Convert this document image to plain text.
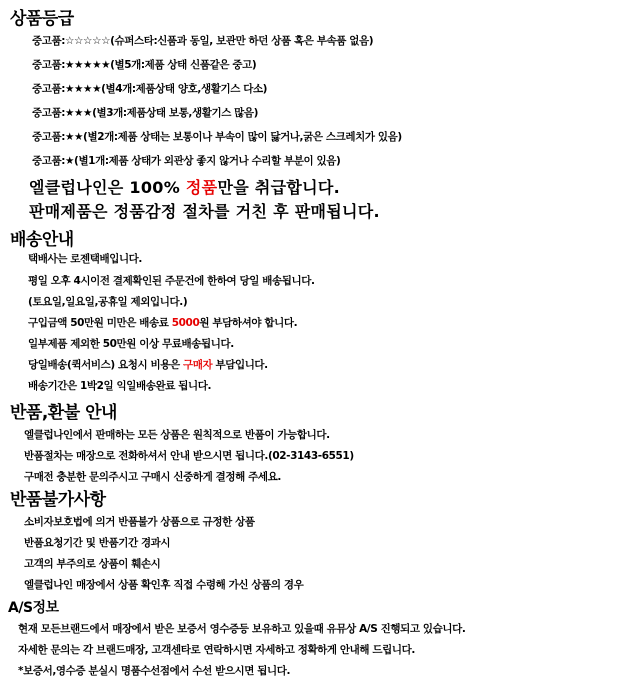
상품등급
중고품:☆☆☆☆☆(슈퍼스타:신품과 동일, 보관만 하던 상품 혹은 부속품 없음)
중고품:★★★★★(별5개:제품 상태 신품같은 중고)
중고품:★★★★(별4개:제품상태 양호,생활기스 다소)
중고품:★★★(별3개:제품상태 보통,생활기스 많음)
중고품:★★(별2개:제품 상태는 보통이나 부속이 많이 닳거나,굵은 스크레치가 있음)
중고품:★(별1개:제품 상태가 외관상 좋지 않거나 수리할 부분이 있음)
엘클럽나인은 100% 정품만을 취급합니다.
판매제품은 정품감정 절차를 거친 후 판매됩니다.
배송안내
택배사는 로젠택배입니다.
평일 오후 4시이전 결제확인된 주문건에 한하여 당일 배송됩니다.
(토요일,일요일,공휴일 제외입니다.)
구입금액 50만원 미만은 배송료 5000원 부담하셔야 합니다.
일부제품 제외한 50만원 이상 무료배송됩니다.
당일배송(퀵서비스) 요청시 비용은 구매자 부담입니다.
배송기간은 1박2일 익일배송완료 됩니다.
반품,환불 안내
엘클럽나인에서 판매하는 모든 상품은 원칙적으로 반품이 가능합니다.
반품절차는 매장으로 전화하셔서 안내 받으시면 됩니다.(02-3143-6551)
구매전 충분한 문의주시고 구매시 신중하게 결정해 주세요.
반품불가사항
소비자보호법에 의거 반품불가 상품으로 규정한 상품
반품요청기간 및 반품기간 경과시
고객의 부주의로 상품이 훼손시
엘클럽나인 매장에서 상품 확인후 직접 수령해 가신 상품의 경우
A/S정보
현재 모든브랜드에서 매장에서 받은 보증서 영수증등 보유하고 있을때 유뮤상 A/S 진행되고 있습니다.
자세한 문의는 각 브랜드매장, 고객센타로 연락하시면 자세하고 정확하게 안내해 드립니다.
*보증서,영수증 분실시 명품수선점에서 수선 받으시면 됩니다.
